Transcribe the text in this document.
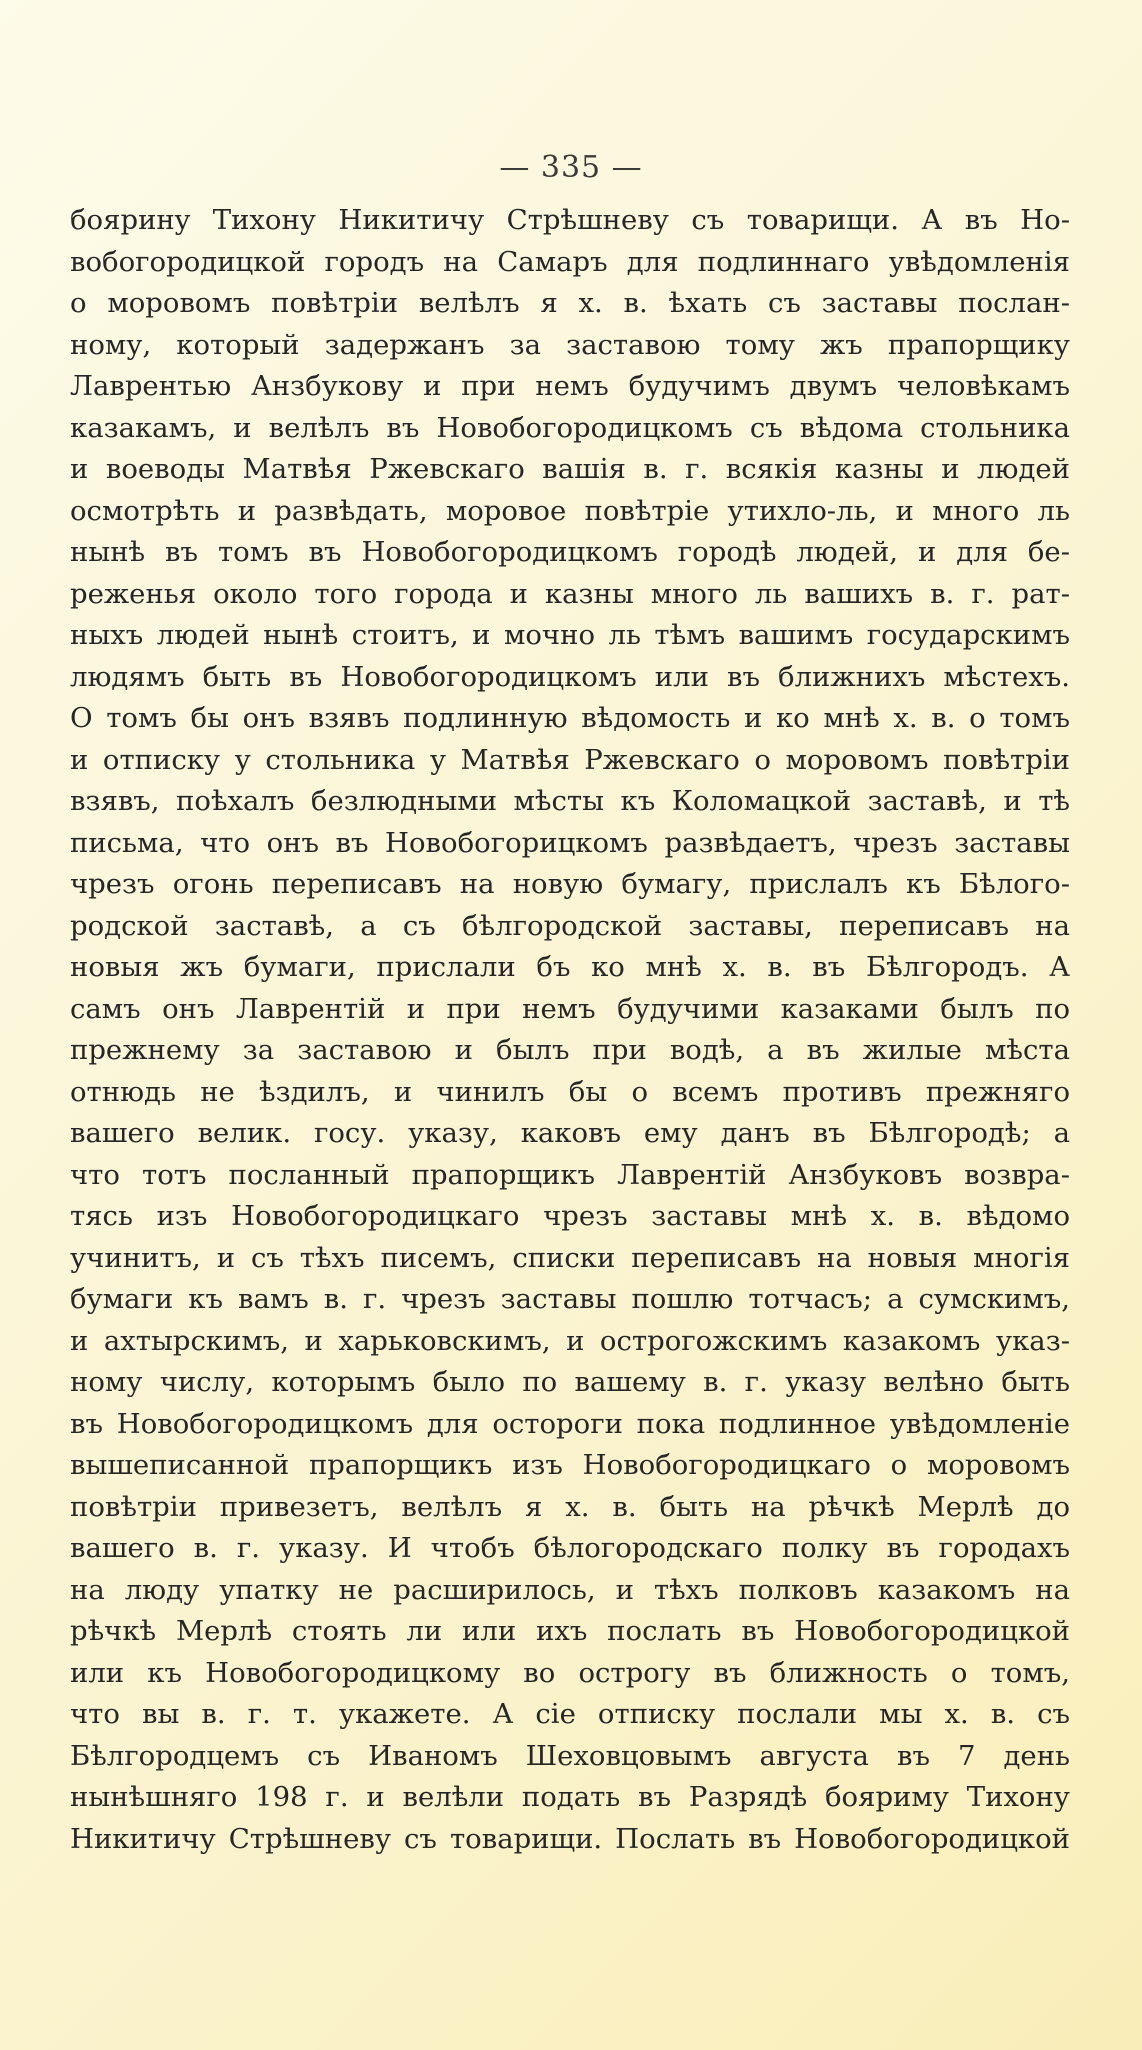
— 335 —
бояринy Тихону Никитичу Стрѣшневу съ товарищи. А въ Но-
вобогородицкой городъ на Самаръ для подлиннаго увѣдомленія
о моровомъ повѣтріи велѣлъ я х. в. ѣхать съ заставы послан-
ному, который задержанъ за заставою тому жъ прапорщику
Лаврентью Анзбукову и при немъ будучимъ двумъ человѣкамъ
казакамъ, и велѣлъ въ Новобогородицкомъ съ вѣдома стольника
и воеводы Матвѣя Ржевскаго вашія в. г. всякія казны и людей
осмотрѣть и развѣдать, моровое повѣтріе утихло-ль, и много ль
нынѣ въ томъ въ Новобогородицкомъ городѣ людей, и для бе-
реженья около того города и казны много ль вашихъ в. г. рат-
ныхъ людей нынѣ стоитъ, и мочно ль тѣмъ вашимъ государскимъ
людямъ быть въ Новобогородицкомъ или въ ближнихъ мѣстехъ.
О томъ бы онъ взявъ подлинную вѣдомость и ко мнѣ х. в. о томъ
и отписку у стольника у Матвѣя Ржевскаго о моровомъ повѣтріи
взявъ, поѣхалъ безлюдными мѣсты къ Коломацкой заставѣ, и тѣ
письма, что онъ въ Новобогорицкомъ развѣдаетъ, чрезъ заставы
чрезъ огонь переписавъ на новую бумагу, прислалъ къ Бѣлого-
родской заставѣ, а съ бѣлгородской заставы, переписавъ на
новыя жъ бумаги, прислали бъ ко мнѣ х. в. въ Бѣлгородъ. А
самъ онъ Лаврентій и при немъ будучими казаками былъ по
прежнему за заставою и былъ при водѣ, а въ жилые мѣста
отнюдь не ѣздилъ, и чинилъ бы о всемъ противъ прежняго
вашего велик. госу. указу, каковъ ему данъ въ Бѣлгородѣ; а
что тотъ посланный прапорщикъ Лаврентій Анзбуковъ возвра-
тясь изъ Новобогородицкаго чрезъ заставы мнѣ х. в. вѣдомо
учинитъ, и съ тѣхъ писемъ, списки переписавъ на новыя многія
бумаги къ вамъ в. г. чрезъ заставы пошлю тотчасъ; а сумскимъ,
и ахтырскимъ, и харьковскимъ, и острогожскимъ казакомъ указ-
ному числу, которымъ было по вашему в. г. указу велѣно быть
въ Новобогородицкомъ для остороги пока подлинное увѣдомленіе
вышеписанной прапорщикъ изъ Новобогородицкаго о моровомъ
повѣтріи привезетъ, велѣлъ я х. в. быть на рѣчкѣ Мерлѣ до
вашего в. г. указу. И чтобъ бѣлогородскаго полку въ городахъ
на люду упатку не расширилось, и тѣхъ полковъ казакомъ на
рѣчкѣ Мерлѣ стоять ли или ихъ послать въ Новобогородицкой
или къ Новобогородицкому во острогу въ ближность о томъ,
что вы в. г. т. укажете. А сіе отписку послали мы х. в. съ
Бѣлгородцемъ съ Иваномъ Шеховцовымъ августа въ 7 день
нынѣшняго 198 г. и велѣли подать въ Разрядѣ бояриму Тихону
Никитичу Стрѣшневу съ товарищи. Послать въ Новобогородицкой
